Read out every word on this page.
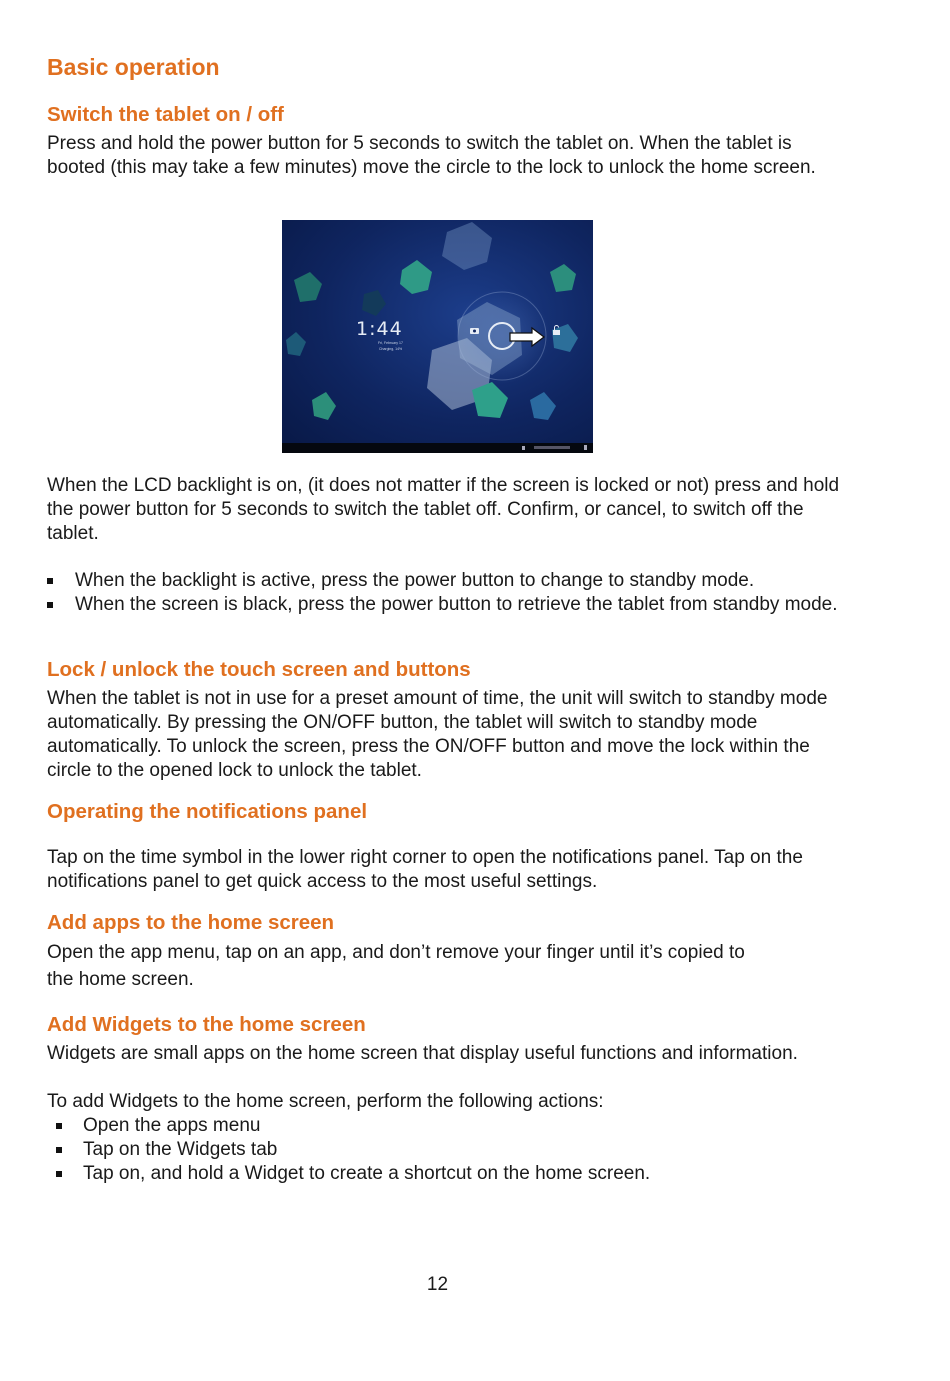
Basic operation
Switch the tablet on / off

Press and hold the power button for 5 seconds to switch the tablet on. When the tablet is booted (this may take a few minutes) move the circle to the lock to unlock the home screen.

When the LCD backlight is on, (it does not matter if the screen is locked or not) press and hold the power button for 5 seconds to switch the tablet off. Confirm, or cancel, to switch off the tablet.

When the backlight is active, press the power button to change to standby mode.
When the screen is black, press the power button to retrieve the tablet from standby mode.
Lock / unlock the touch screen and buttons

When the tablet is not in use for a preset amount of time, the unit will switch to standby mode automatically. By pressing the ON/OFF button, the tablet will switch to standby mode automatically. To unlock the screen, press the ON/OFF button and move the lock within the circle to the opened lock to unlock the tablet.

Operating the notifications panel

Tap on the time symbol in the lower right corner to open the notifications panel. Tap on the notifications panel to get quick access to the most useful settings.

Add apps to the home screen

Open the app menu, tap on an app, and don’t remove your finger until it’s copied to

the home screen.

Add Widgets to the home screen

Widgets are small apps on the home screen that display useful functions and information.

To add Widgets to the home screen, perform the following actions:

Open the apps menu
Tap on the Widgets tab
Tap on, and hold a Widget to create a shortcut on the home screen.
1:44
Fri, February 17
Charging, 14%
12
